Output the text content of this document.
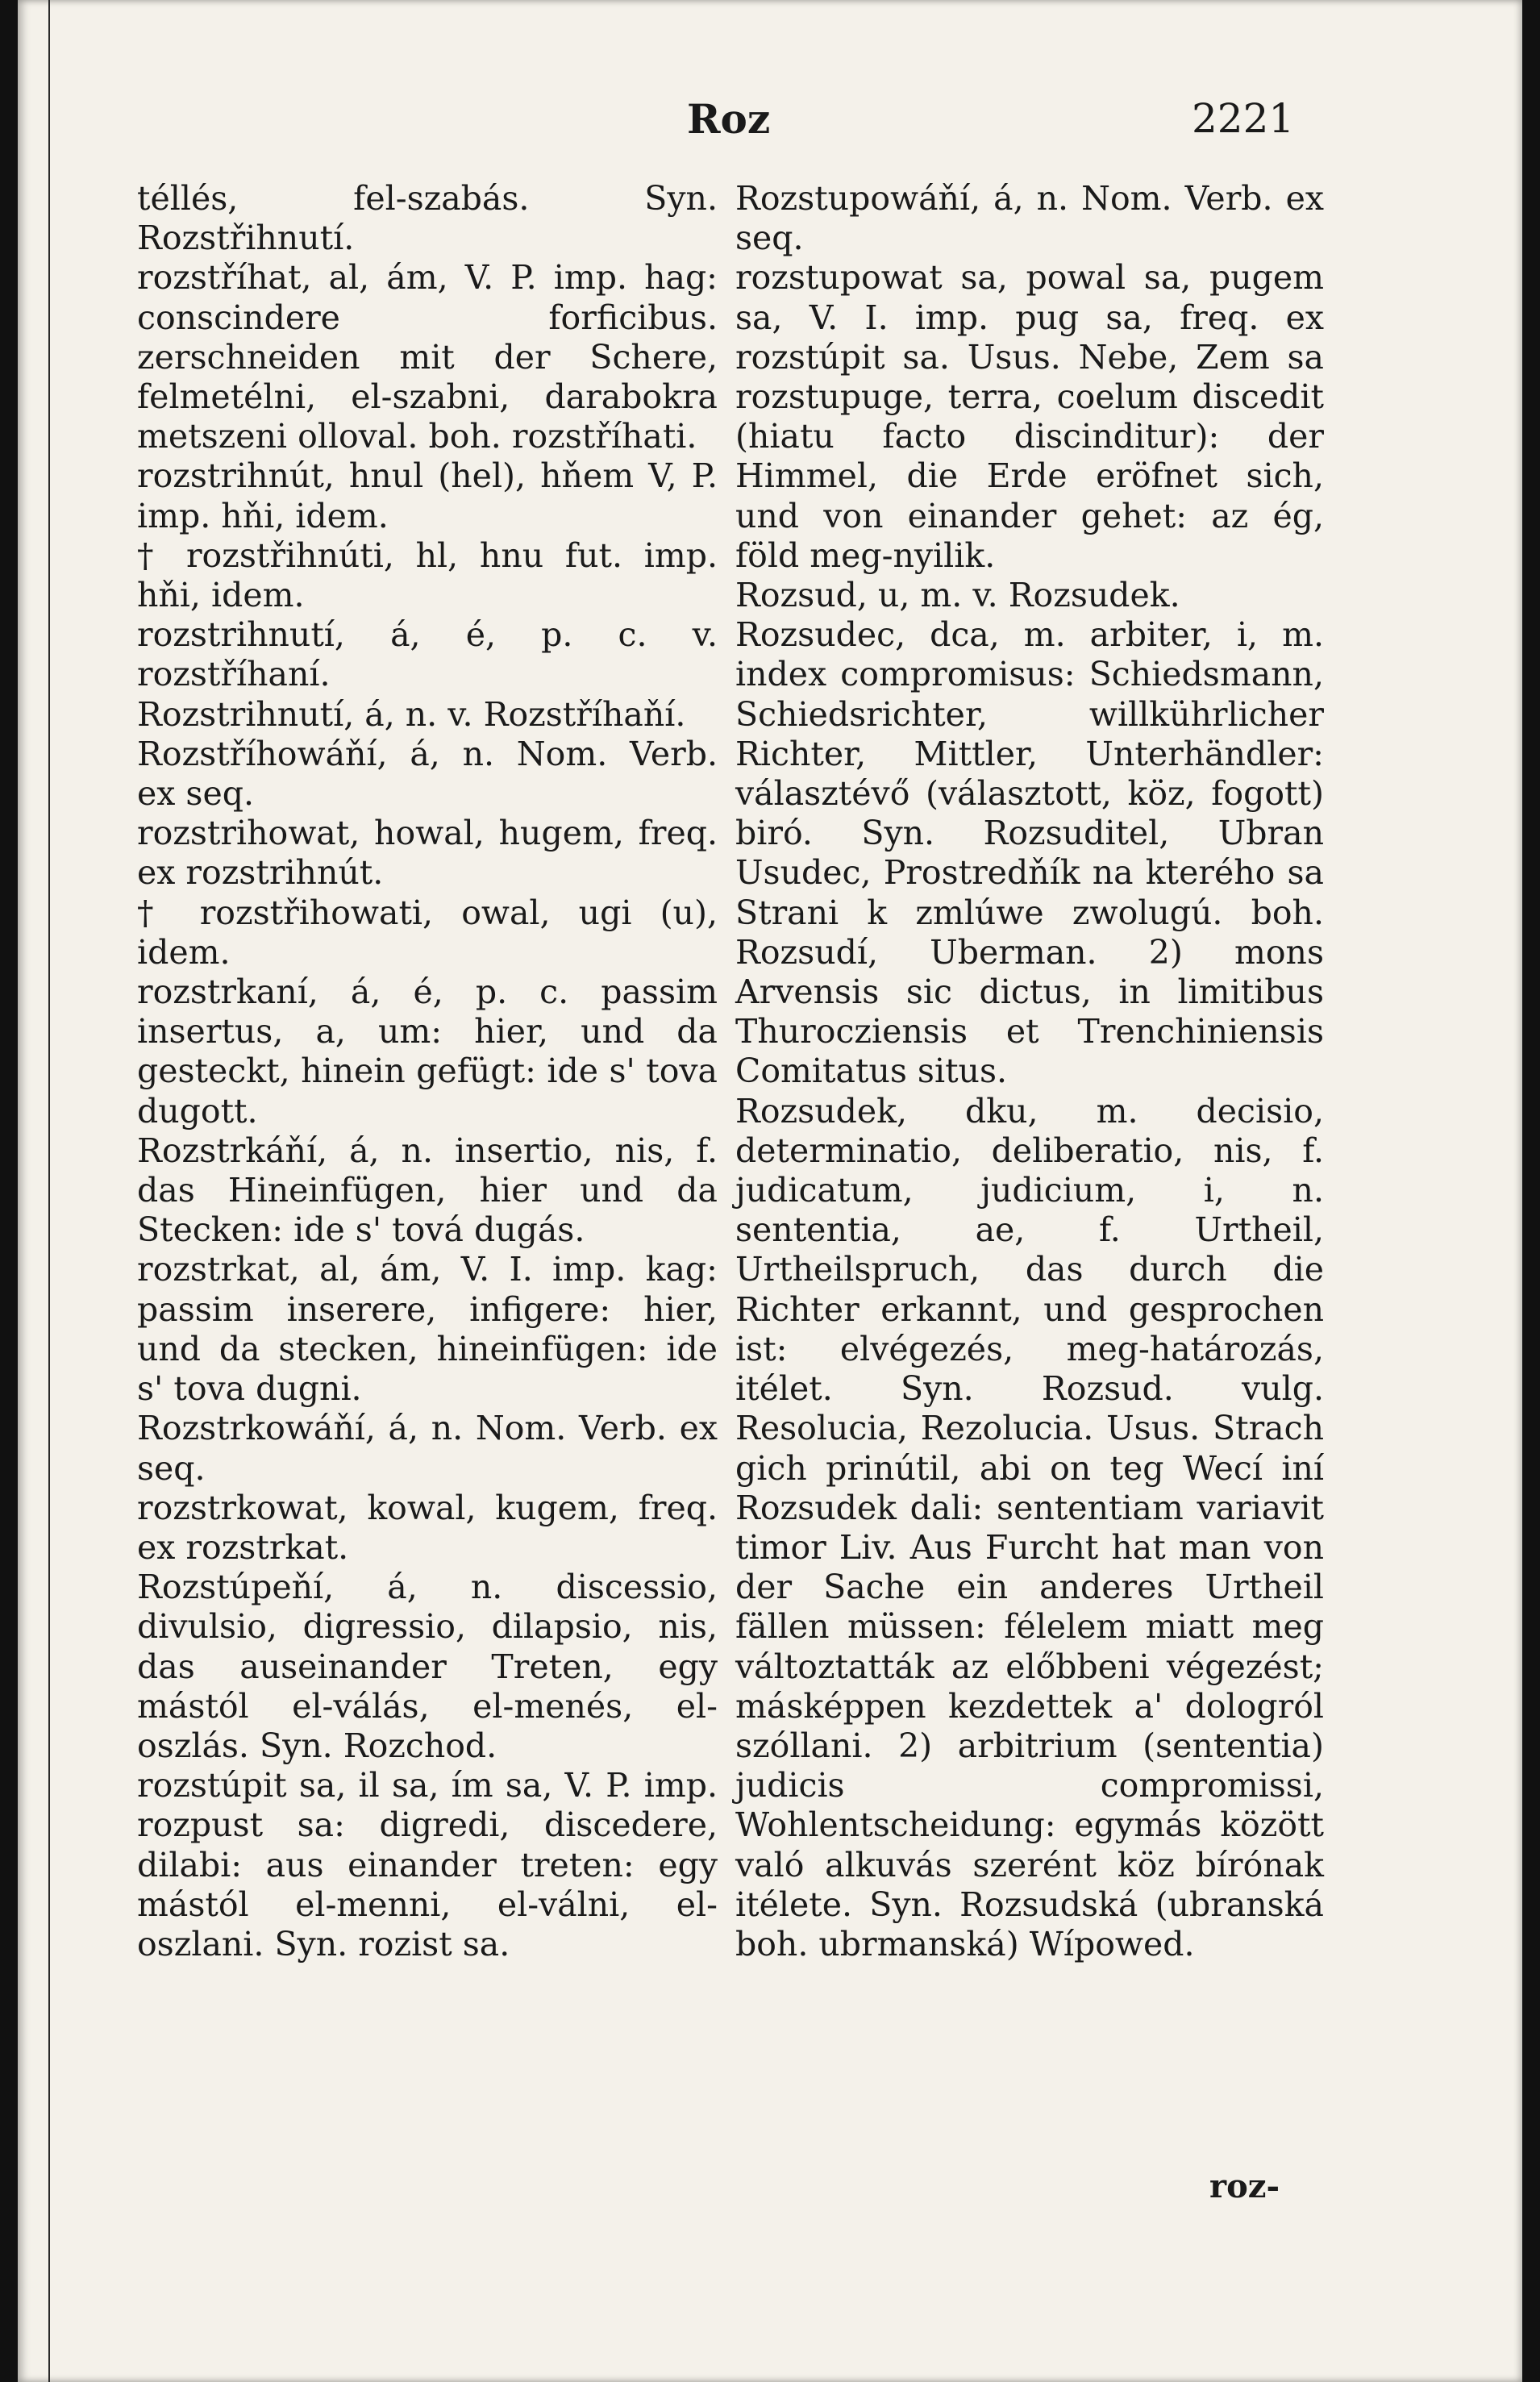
Roz	2221

téllés, fel-szabás. Syn. Rozstřihnutí.

rozstříhat, al, ám, V. P. imp. hag: conscindere forficibus. zerschneiden mit der Schere, felmetélni, el-szabni, darabokra metszeni olloval. boh. rozstříhati.

rozstrihnút, hnul (hel), hňem V, P. imp. hňi, idem.

† rozstřihnúti, hl, hnu fut. imp. hňi, idem.

rozstrihnutí, á, é, p. c. v. rozstříhaní.

Rozstrihnutí, á, n. v. Rozstříhaňí.

Rozstříhowáňí, á, n. Nom. Verb. ex seq.

rozstrihowat, howal, hugem, freq. ex rozstrihnút.

† rozstřihowati, owal, ugi (u), idem.

rozstrkaní, á, é, p. c. passim insertus, a, um: hier, und da gesteckt, hinein gefügt: ide s' tova dugott.

Rozstrkáňí, á, n. insertio, nis, f. das Hineinfügen, hier und da Stecken: ide s' tová dugás.

rozstrkat, al, ám, V. I. imp. kag: passim inserere, infigere: hier, und da stecken, hineinfügen: ide s' tova dugni.

Rozstrkowáňí, á, n. Nom. Verb. ex seq.

rozstrkowat, kowal, kugem, freq. ex rozstrkat.

Rozstúpeňí, á, n. discessio, divulsio, digressio, dilapsio, nis, das auseinander Treten, egy mástól el-válás, el-menés, el-oszlás. Syn. Rozchod.

rozstúpit sa, il sa, ím sa, V. P. imp. rozpust sa: digredi, discedere, dilabi: aus einander treten: egy mástól el-menni, el-válni, el-oszlani. Syn. rozist sa.

Rozstupowáňí, á, n. Nom. Verb. ex seq.

rozstupowat sa, powal sa, pugem sa, V. I. imp. pug sa, freq. ex rozstúpit sa. Usus. Nebe, Zem sa rozstupuge, terra, coelum discedit (hiatu facto discinditur): der Himmel, die Erde eröfnet sich, und von einander gehet: az ég, föld meg-nyilik.

Rozsud, u, m. v. Rozsudek.

Rozsudec, dca, m. arbiter, i, m. index compromisus: Schiedsmann, Schiedsrichter, willkührlicher Richter, Mittler, Unterhändler: választévő (választott, köz, fogott) biró. Syn. Rozsuditel, Ubran Usudec, Prostredňík na kterého sa Strani k zmlúwe zwolugú. boh. Rozsudí, Uberman. 2) mons Arvensis sic dictus, in limitibus Thurocziensis et Trenchiniensis Comitatus situs.

Rozsudek, dku, m. decisio, determinatio, deliberatio, nis, f. judicatum, judicium, i, n. sententia, ae, f. Urtheil, Urtheilspruch, das durch die Richter erkannt, und gesprochen ist: elvégezés, meg-határozás, itélet. Syn. Rozsud. vulg. Resolucia, Rezolucia. Usus. Strach gich prinútil, abi on teg Wecí iní Rozsudek dali: sententiam variavit timor Liv. Aus Furcht hat man von der Sache ein anderes Urtheil fällen müssen: félelem miatt meg változtatták az előbbeni végezést; másképpen kezdettek a' dologról szóllani. 2) arbitrium (sententia) judicis compromissi, Wohlentscheidung: egymás között való alkuvás szerént köz bírónak itélete. Syn. Rozsudská (ubranská boh. ubrmanská) Wípowed.

roz-
